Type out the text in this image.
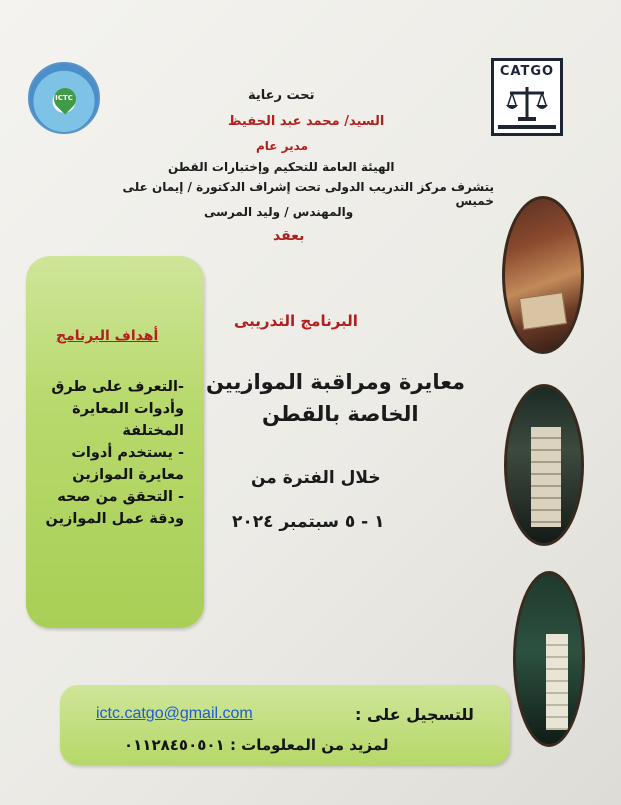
ICTC
CATGO
تحت رعاية
السيد/ محمد عبد الحفيظ
مدير عام
الهيئة العامة للتحكيم وإختبارات القطن
يتشرف مركز التدريب الدولى تحت إشراف الدكتورة / إيمان على خميس
والمهندس / وليد المرسى
بعقد
أهداف البرنامج
-التعرف على طرق
وأدوات المعايرة
المختلفة
- يستخدم أدوات
معايرة الموازين
- التحقق من صحه
ودقة عمل الموازين
البرنامج التدريبى
معايرة ومراقبة الموازيين
الخاصة بالقطن
خلال الفترة من
١ - ٥ سبتمبر ٢٠٢٤
للتسجيل على :
ictc.catgo@gmail.com
لمزيد من المعلومات : ٠١١٢٨٤٥٠٥٠١
